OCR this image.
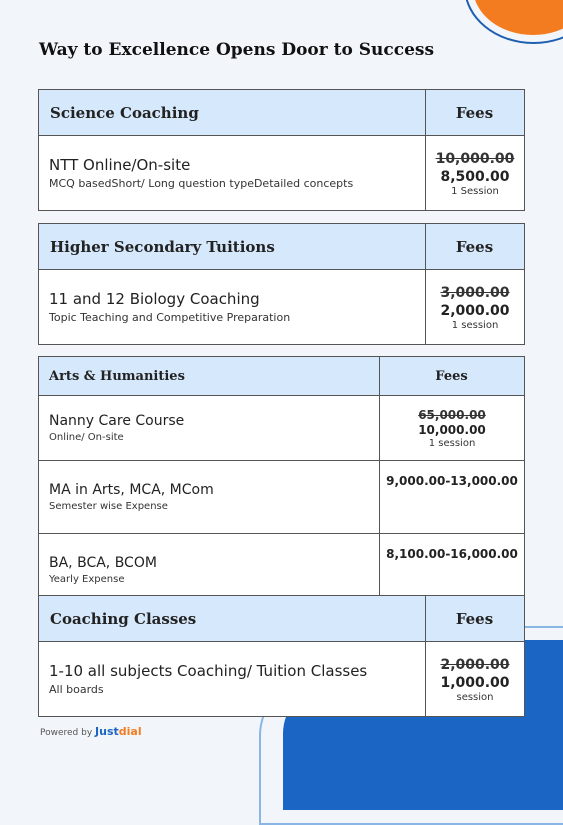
Way to Excellence Opens Door to Success
Science Coaching	Fees

NTT Online/On-site
MCQ basedShort/ Long question typeDetailed concepts	10,000.00
8,500.00
1 Session
Higher Secondary Tuitions	Fees

11 and 12 Biology Coaching
Topic Teaching and Competitive Preparation	3,000.00
2,000.00
1 session
Arts & Humanities	Fees

Nanny Care Course
Online/ On-site	65,000.00
10,000.00
1 session

MA in Arts, MCA, MCom
Semester wise Expense	9,000.00-13,000.00

BA, BCA, BCOM
Yearly Expense	8,100.00-16,000.00
Coaching Classes	Fees

1-10 all subjects Coaching/ Tuition Classes
All boards	2,000.00
1,000.00
session
Powered by Justdial
